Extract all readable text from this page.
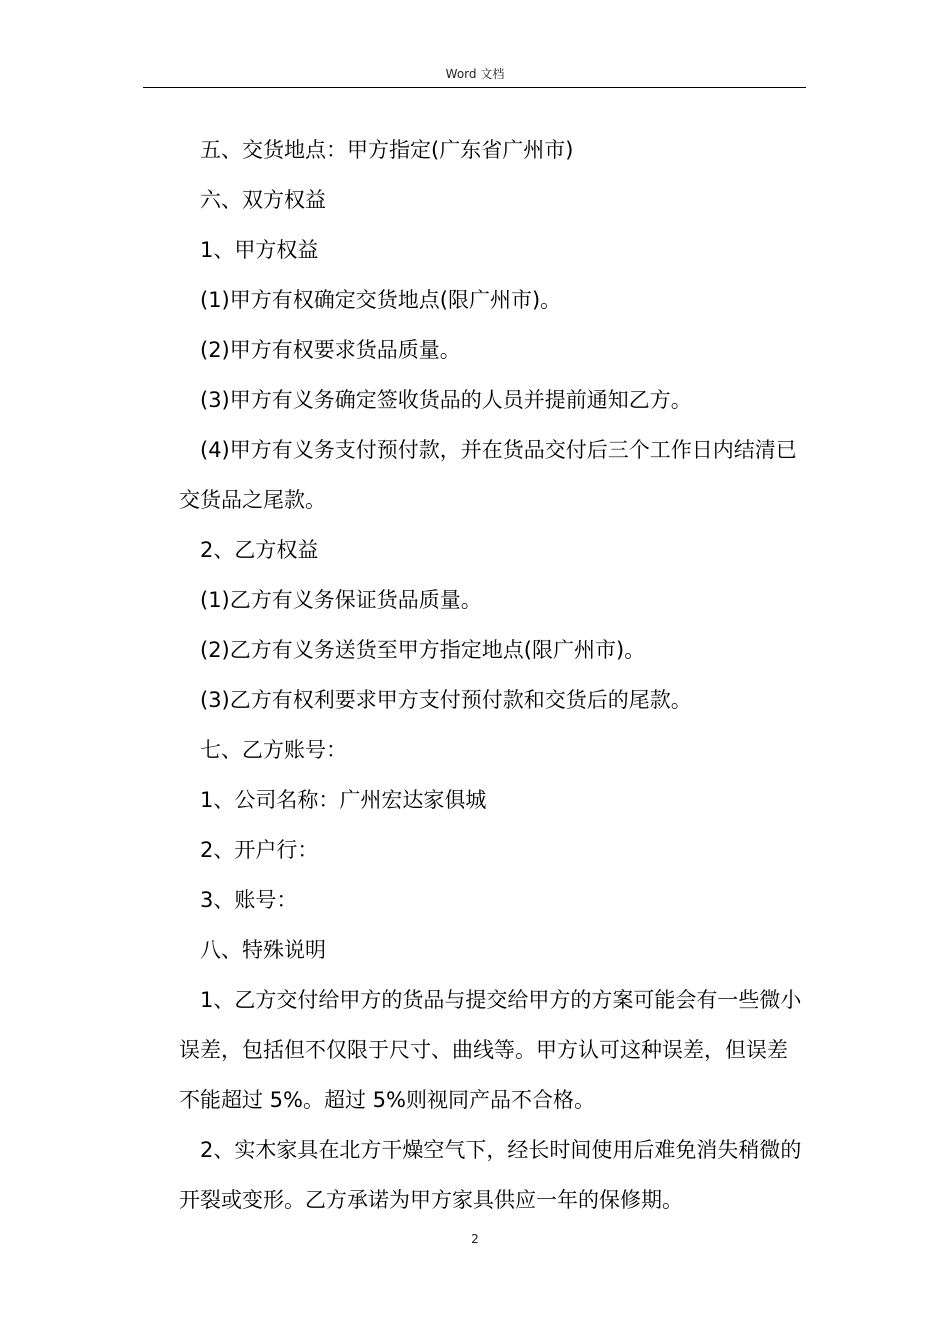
Word 文档

五、交货地点：甲方指定(广东省广州市)

六、双方权益

1、甲方权益

(1)甲方有权确定交货地点(限广州市)。

(2)甲方有权要求货品质量。

(3)甲方有义务确定签收货品的人员并提前通知乙方。

(4)甲方有义务支付预付款，并在货品交付后三个工作日内结清已交货品之尾款。

2、乙方权益

(1)乙方有义务保证货品质量。

(2)乙方有义务送货至甲方指定地点(限广州市)。

(3)乙方有权利要求甲方支付预付款和交货后的尾款。

七、乙方账号：

1、公司名称：广州宏达家俱城

2、开户行：

3、账号：

八、特殊说明

1、乙方交付给甲方的货品与提交给甲方的方案可能会有一些微小误差，包括但不仅限于尺寸、曲线等。甲方认可这种误差，但误差不能超过 5%。超过 5%则视同产品不合格。

2、实木家具在北方干燥空气下，经长时间使用后难免消失稍微的开裂或变形。乙方承诺为甲方家具供应一年的保修期。

2
